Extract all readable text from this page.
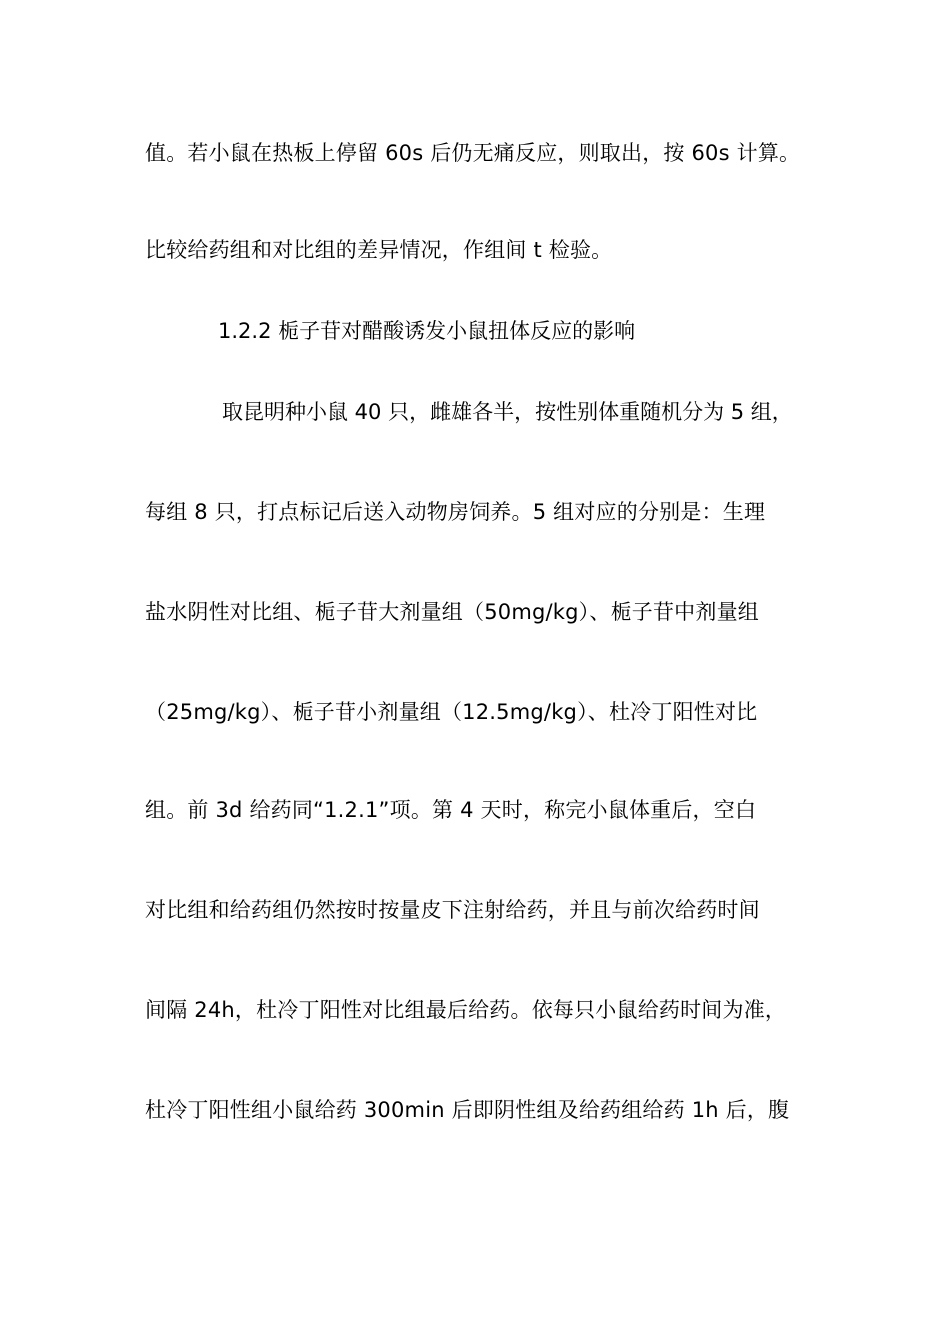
值。若小鼠在热板上停留 60s 后仍无痛反应，则取出，按 60s 计算。
比较给药组和对比组的差异情况，作组间 t 检验。
1.2.2 栀子苷对醋酸诱发小鼠扭体反应的影响
取昆明种小鼠 40 只，雌雄各半，按性别体重随机分为 5 组，
每组 8 只，打点标记后送入动物房饲养。5 组对应的分别是：生理
盐水阴性对比组、栀子苷大剂量组（50mg/kg）、栀子苷中剂量组
（25mg/kg）、栀子苷小剂量组（12.5mg/kg）、杜冷丁阳性对比
组。前 3d 给药同“1.2.1”项。第 4 天时，称完小鼠体重后，空白
对比组和给药组仍然按时按量皮下注射给药，并且与前次给药时间
间隔 24h，杜冷丁阳性对比组最后给药。依每只小鼠给药时间为准，
杜冷丁阳性组小鼠给药 300min 后即阴性组及给药组给药 1h 后，腹
